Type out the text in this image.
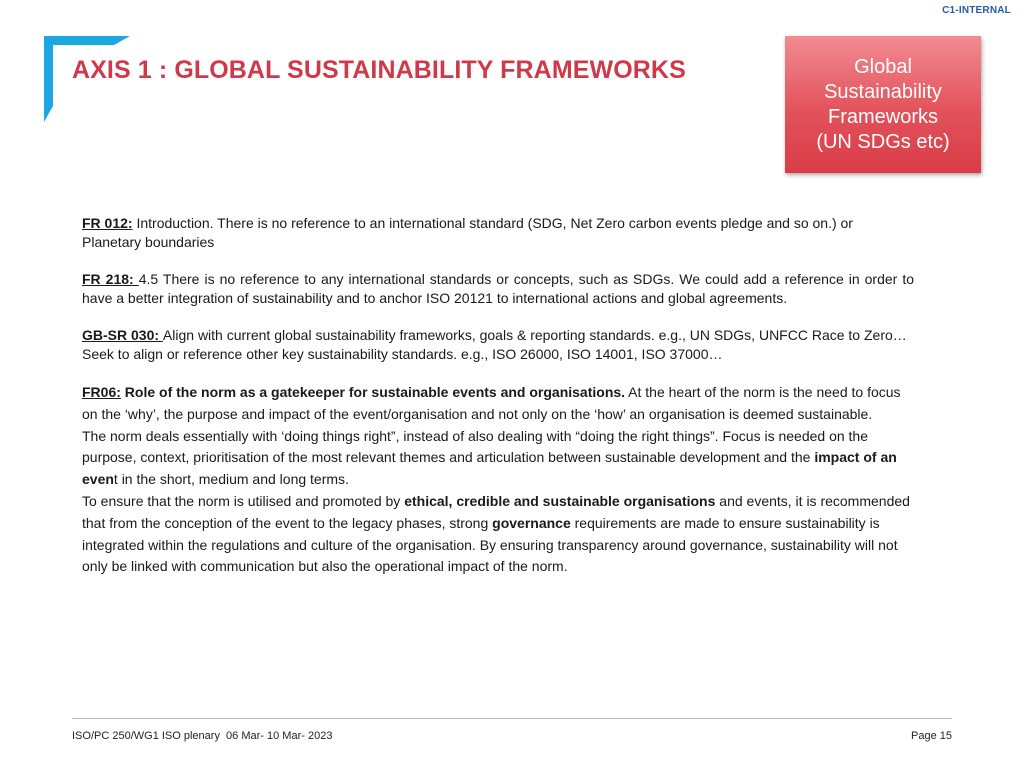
C1-INTERNAL
AXIS 1 : GLOBAL SUSTAINABILITY FRAMEWORKS	Global
Sustainability
Frameworks
(UN SDGs etc)

FR 012: Introduction. There is no reference to an international standard (SDG, Net Zero carbon events pledge and so on.) or Planetary boundaries

FR 218: 4.5 There is no reference to any international standards or concepts, such as SDGs. We could add a reference in order to have a better integration of sustainability and to anchor ISO 20121 to international actions and global agreements.

GB-SR 030: Align with current global sustainability frameworks, goals & reporting standards. e.g., UN SDGs, UNFCC Race to Zero…Seek to align or reference other key sustainability standards. e.g., ISO 26000, ISO 14001, ISO 37000…

FR06: Role of the norm as a gatekeeper for sustainable events and organisations. At the heart of the norm is the need to focus on the ‘why’, the purpose and impact of the event/organisation and not only on the ‘how’ an organisation is deemed sustainable.
The norm deals essentially with ‘doing things right”, instead of also dealing with “doing the right things”. Focus is needed on the purpose, context, prioritisation of the most relevant themes and articulation between sustainable development and the impact of an event in the short, medium and long terms.
To ensure that the norm is utilised and promoted by ethical, credible and sustainable organisations and events, it is recommended that from the conception of the event to the legacy phases, strong governance requirements are made to ensure sustainability is integrated within the regulations and culture of the organisation. By ensuring transparency around governance, sustainability will not only be linked with communication but also the operational impact of the norm.
ISO/PC 250/WG1 ISO plenary  06 Mar- 10 Mar- 2023	Page 15
